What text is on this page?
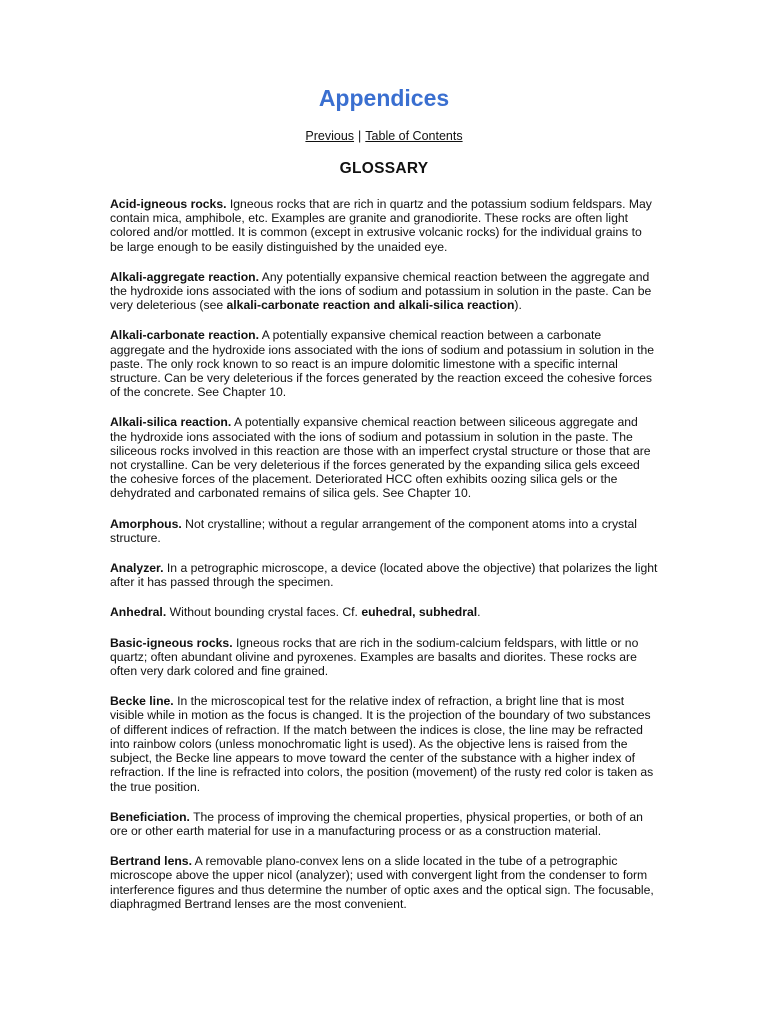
Appendices
Previous | Table of Contents
GLOSSARY

Acid-igneous rocks. Igneous rocks that are rich in quartz and the potassium sodium feldspars. May contain mica, amphibole, etc. Examples are granite and granodiorite. These rocks are often light colored and/or mottled. It is common (except in extrusive volcanic rocks) for the individual grains to be large enough to be easily distinguished by the unaided eye.

Alkali-aggregate reaction. Any potentially expansive chemical reaction between the aggregate and the hydroxide ions associated with the ions of sodium and potassium in solution in the paste. Can be very deleterious (see alkali-carbonate reaction and alkali-silica reaction).

Alkali-carbonate reaction. A potentially expansive chemical reaction between a carbonate aggregate and the hydroxide ions associated with the ions of sodium and potassium in solution in the paste. The only rock known to so react is an impure dolomitic limestone with a specific internal structure. Can be very deleterious if the forces generated by the reaction exceed the cohesive forces of the concrete. See Chapter 10.

Alkali-silica reaction. A potentially expansive chemical reaction between siliceous aggregate and the hydroxide ions associated with the ions of sodium and potassium in solution in the paste. The siliceous rocks involved in this reaction are those with an imperfect crystal structure or those that are not crystalline. Can be very deleterious if the forces generated by the expanding silica gels exceed the cohesive forces of the placement. Deteriorated HCC often exhibits oozing silica gels or the dehydrated and carbonated remains of silica gels. See Chapter 10.

Amorphous. Not crystalline; without a regular arrangement of the component atoms into a crystal structure.

Analyzer. In a petrographic microscope, a device (located above the objective) that polarizes the light after it has passed through the specimen.

Anhedral. Without bounding crystal faces. Cf. euhedral, subhedral.

Basic-igneous rocks. Igneous rocks that are rich in the sodium-calcium feldspars, with little or no quartz; often abundant olivine and pyroxenes. Examples are basalts and diorites. These rocks are often very dark colored and fine grained.

Becke line. In the microscopical test for the relative index of refraction, a bright line that is most visible while in motion as the focus is changed. It is the projection of the boundary of two substances of different indices of refraction. If the match between the indices is close, the line may be refracted into rainbow colors (unless monochromatic light is used). As the objective lens is raised from the subject, the Becke line appears to move toward the center of the substance with a higher index of refraction. If the line is refracted into colors, the position (movement) of the rusty red color is taken as the true position.

Beneficiation. The process of improving the chemical properties, physical properties, or both of an ore or other earth material for use in a manufacturing process or as a construction material.

Bertrand lens. A removable plano-convex lens on a slide located in the tube of a petrographic microscope above the upper nicol (analyzer); used with convergent light from the condenser to form interference figures and thus determine the number of optic axes and the optical sign. The focusable, diaphragmed Bertrand lenses are the most convenient.
